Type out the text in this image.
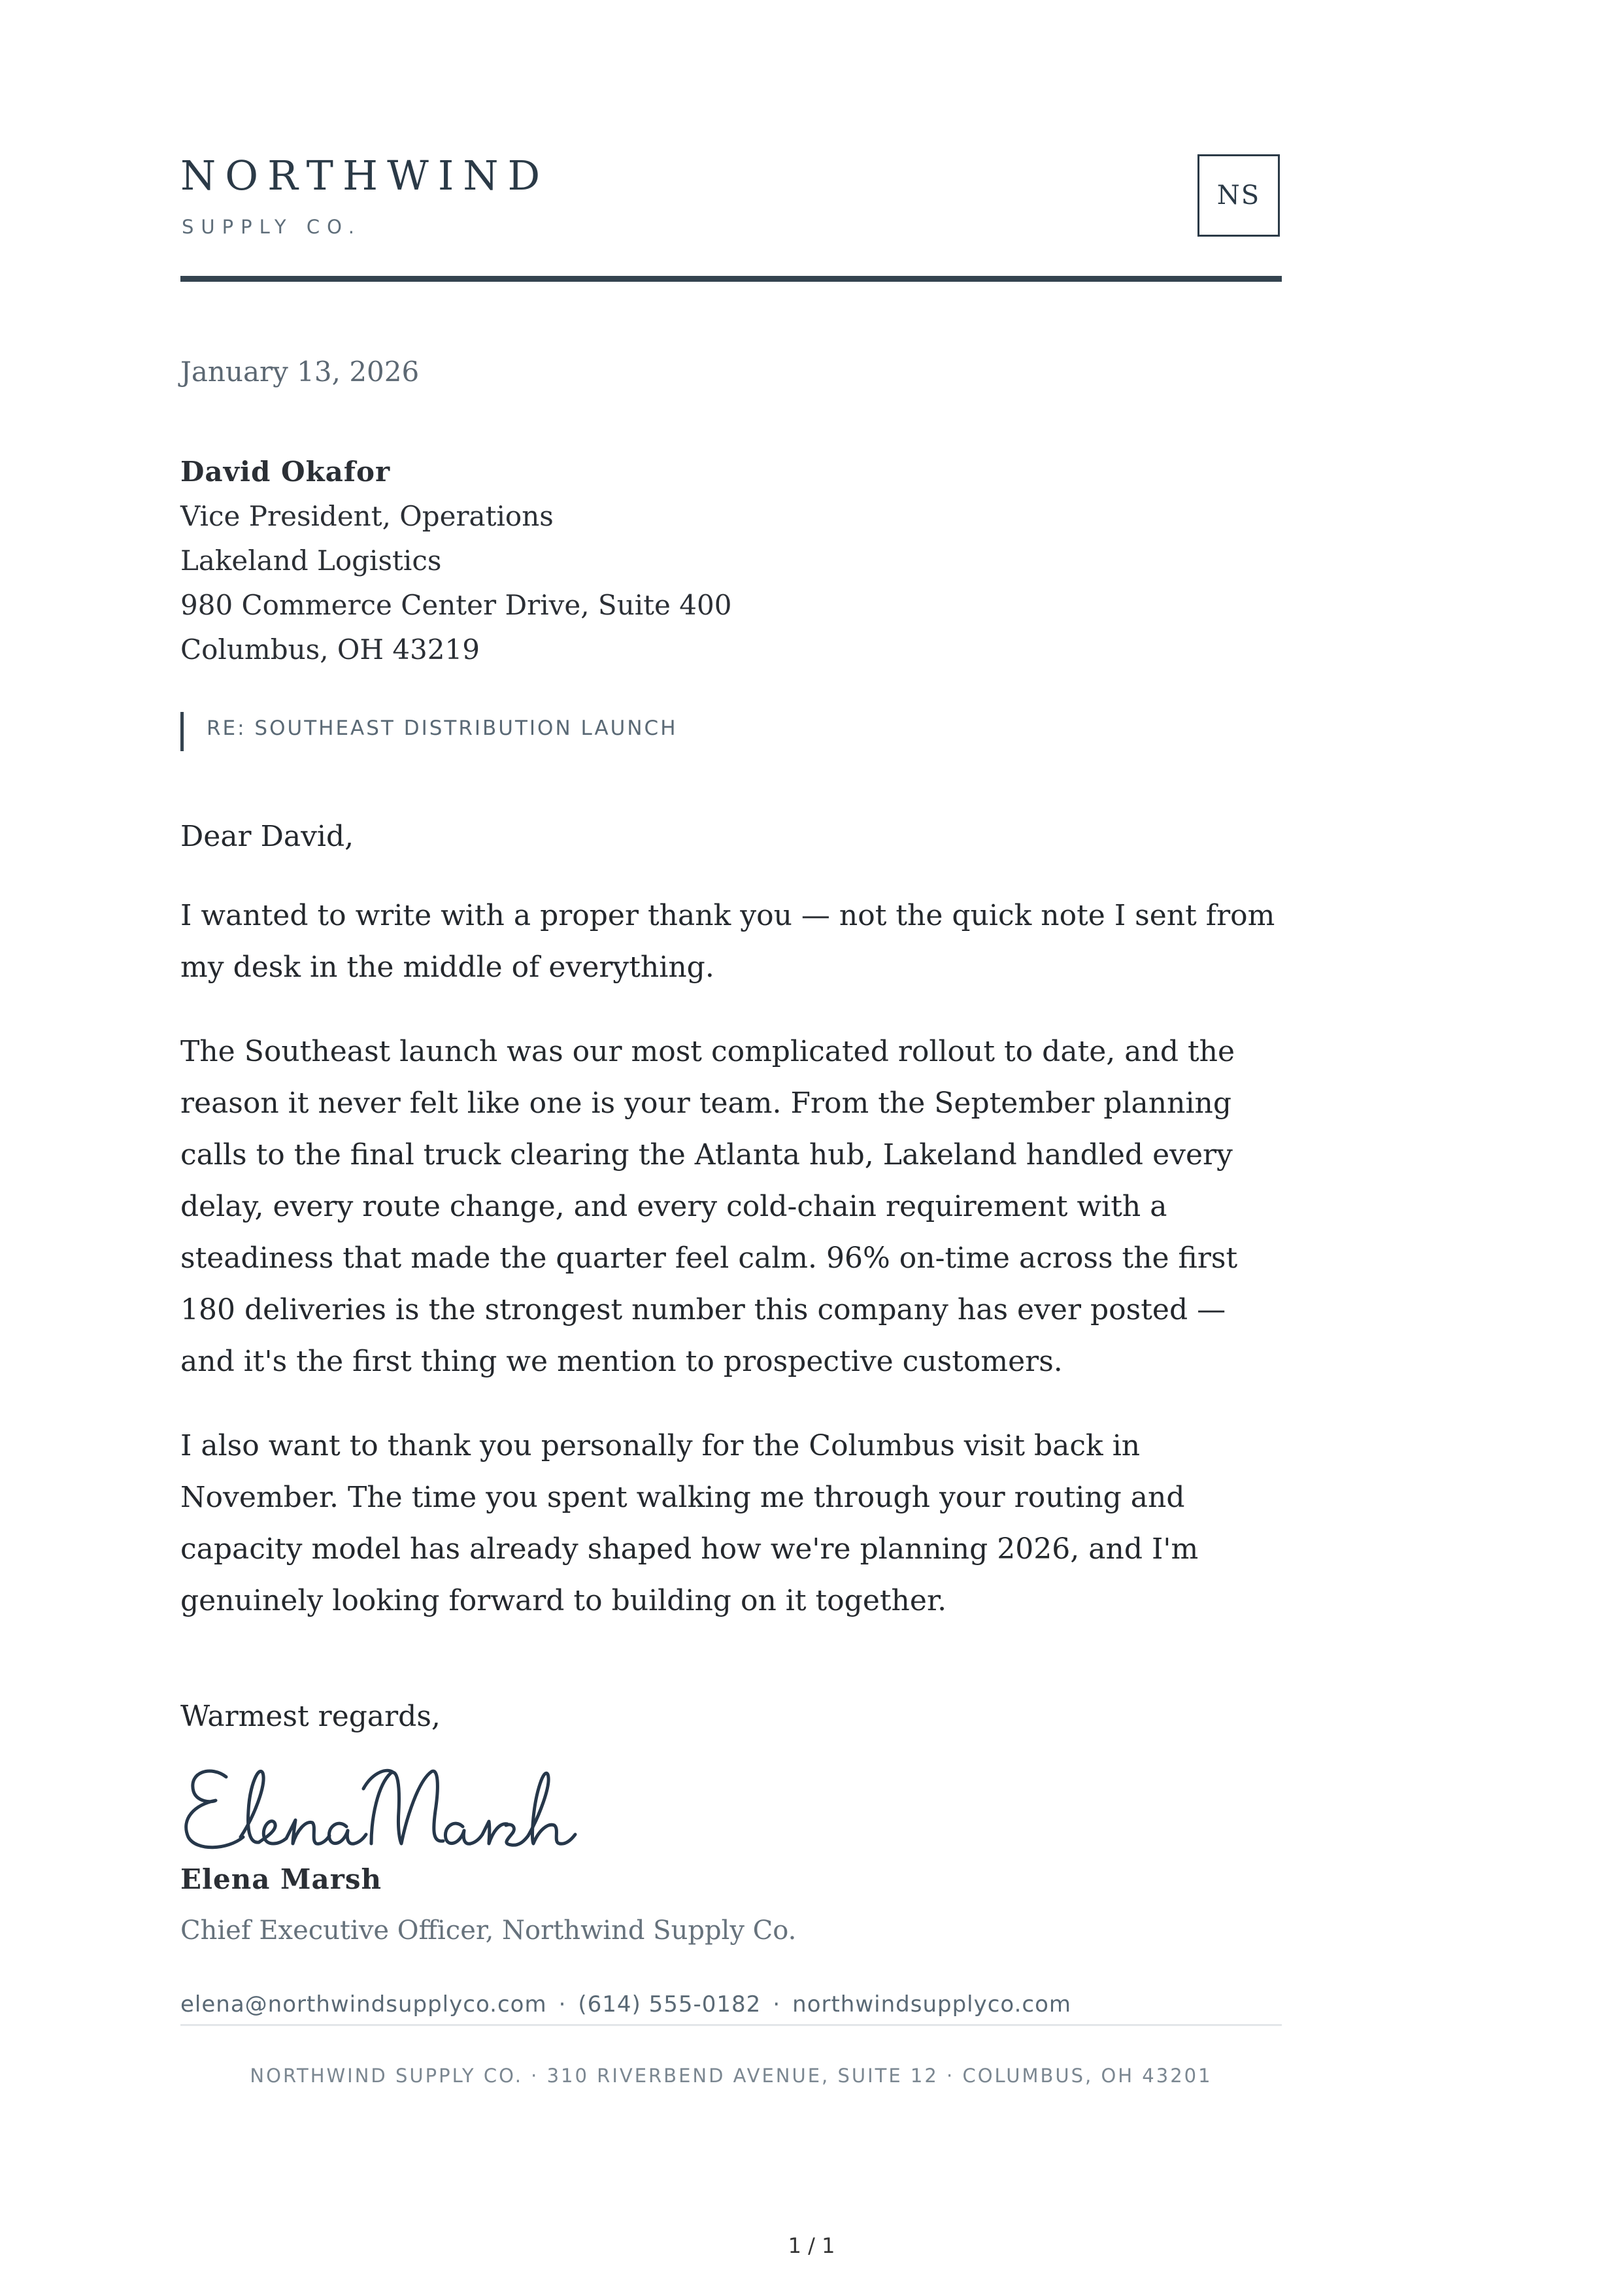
NORTHWIND
SUPPLY CO.
NS
January 13, 2026
David Okafor
Vice President, Operations
Lakeland Logistics
980 Commerce Center Drive, Suite 400
Columbus, OH 43219
RE: SOUTHEAST DISTRIBUTION LAUNCH

Dear David,

I wanted to write with a proper thank you — not the quick note I sent from my desk in the middle of everything.

The Southeast launch was our most complicated rollout to date, and the reason it never felt like one is your team. From the September planning calls to the final truck clearing the Atlanta hub, Lakeland handled every delay, every route change, and every cold-chain requirement with a steadiness that made the quarter feel calm. 96% on-time across the first 180 deliveries is the strongest number this company has ever posted — and it's the first thing we mention to prospective customers.

I also want to thank you personally for the Columbus visit back in November. The time you spent walking me through your routing and capacity model has already shaped how we're planning 2026, and I'm genuinely looking forward to building on it together.

Warmest regards,
Elena Marsh
Chief Executive Officer, Northwind Supply Co.
elena@northwindsupplyco.com · (614) 555-0182 · northwindsupplyco.com
NORTHWIND SUPPLY CO. · 310 RIVERBEND AVENUE, SUITE 12 · COLUMBUS, OH 43201
1 / 1
